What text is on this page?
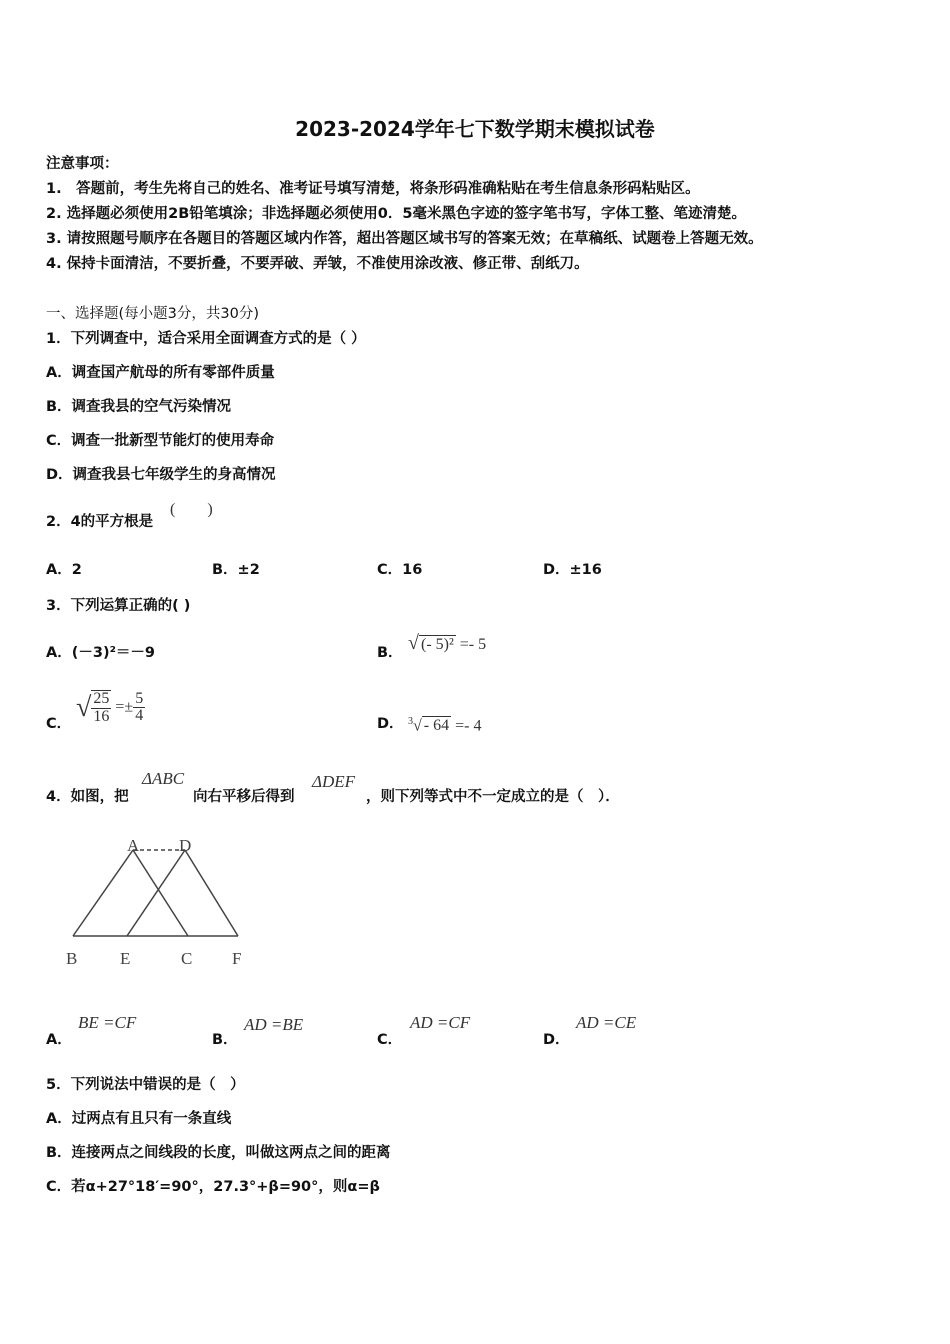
2023-2024学年七下数学期末模拟试卷
注意事项：
1.　答题前，考生先将自己的姓名、准考证号填写清楚，将条形码准确粘贴在考生信息条形码粘贴区。
2. 选择题必须使用2B铅笔填涂；非选择题必须使用0．5毫米黑色字迹的签字笔书写，字体工整、笔迹清楚。
3. 请按照题号顺序在各题目的答题区域内作答，超出答题区域书写的答案无效；在草稿纸、试题卷上答题无效。
4. 保持卡面清洁，不要折叠，不要弄破、弄皱，不准使用涂改液、修正带、刮纸刀。
一、选择题(每小题3分，共30分)
1．下列调查中，适合采用全面调查方式的是（ ）
A．调查国产航母的所有零部件质量
B．调查我县的空气污染情况
C．调查一批新型节能灯的使用寿命
D．调查我县七年级学生的身高情况
2．4的平方根是
(　　)
A．2	B．±2	C．16	D．±16
3．下列运算正确的( )
A．(－3)²＝－9	B． √ (- 5)² =- 5
C．
√ $\frac{25}{16} =\pm \frac{5}{4}$	D． $^3$√ - 64 =- 4
4．如图，把
ΔABC
向右平移后得到
ΔDEF
，则下列等式中不一定成立的是（　）．
A D
B	E	C F
A．
BE =CF
B．
AD =BE
C．
AD =CF
D．
AD =CE
5．下列说法中错误的是（　）
A．过两点有且只有一条直线
B．连接两点之间线段的长度，叫做这两点之间的距离
C．若α+27°18′=90°，27.3°+β=90°，则α=β
